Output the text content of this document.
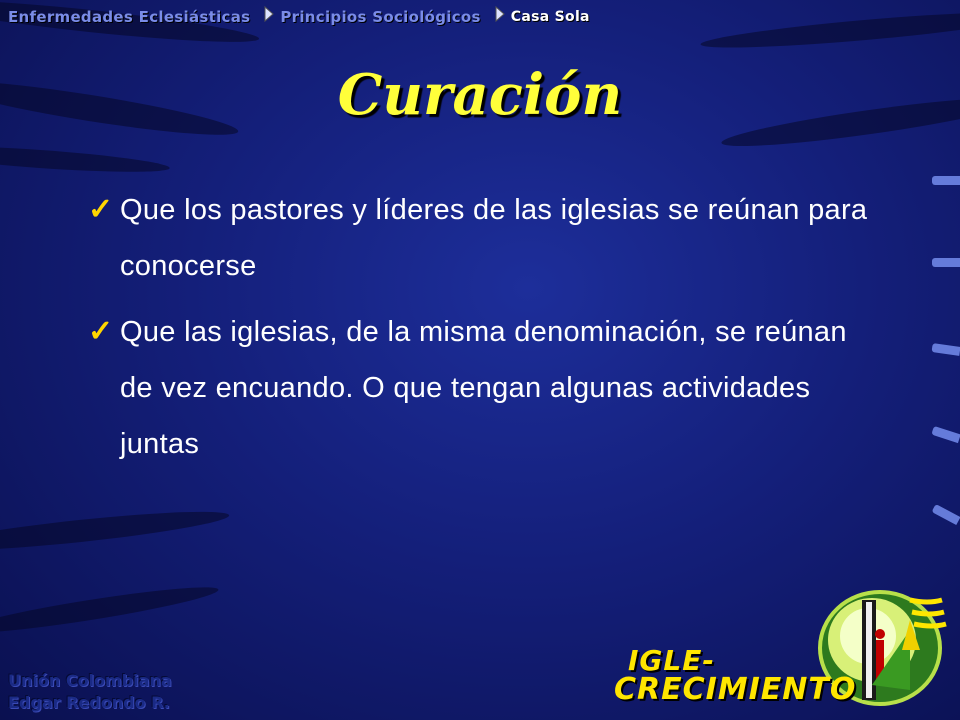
Enfermedades Eclesiásticas Principios Sociológicos Casa Sola
Curación
✓ Que los pastores y líderes de las iglesias se reúnan para conocerse
✓ Que las iglesias, de la misma denominación, se reúnan de vez encuando. O que tengan algunas actividades juntas
Unión Colombiana
Edgar Redondo R.
IGLE-
CRECIMIENTO
